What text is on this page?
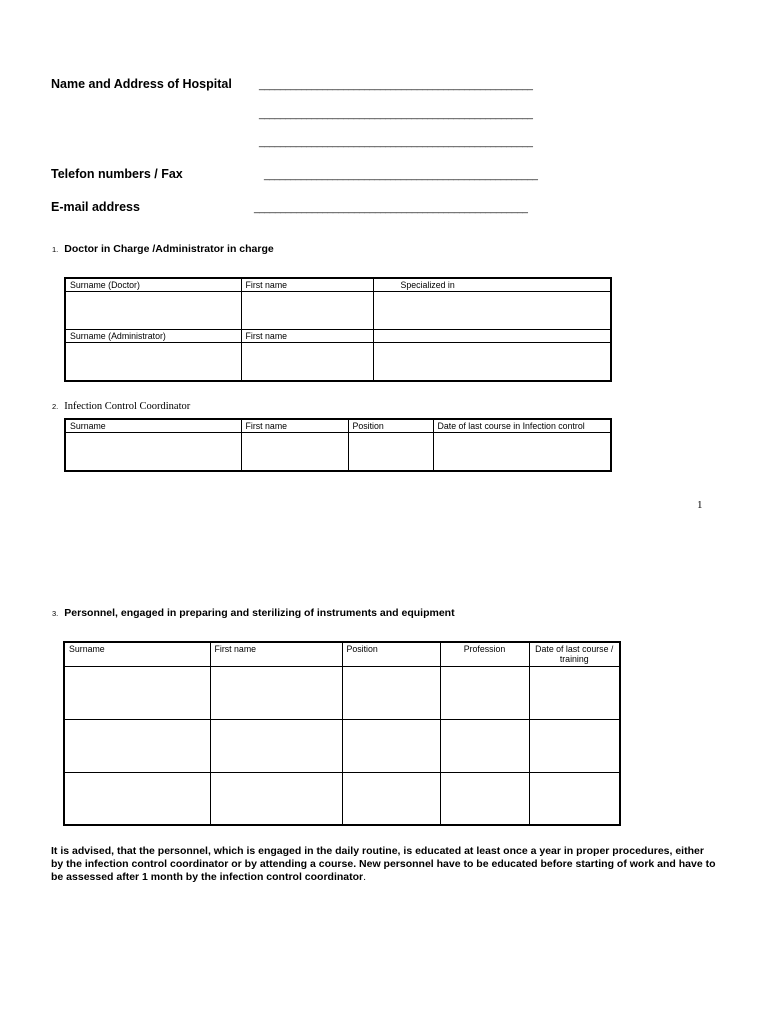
Name and Address of Hospital	____________________________________________________
____________________________________________________
____________________________________________________
Telefon numbers / Fax	____________________________________________________
E-mail address	____________________________________________________
1. Doctor in Charge /Administrator in charge
Surname (Doctor)	First name	Specialized in

Surname (Administrator)	First name	

2. Infection Control Coordinator
Surname	First name	Position	Date of last course in Infection control

1
3. Personnel, engaged in preparing and sterilizing of instruments and equipment
Surname	First name	Position	Profession	Date of last course / training

It is advised, that the personnel, which is engaged in the daily routine, is educated at least once a year in proper procedures, either by the infection control coordinator or by attending a course. New personnel have to be educated before starting of work and have to be assessed after 1 month by the infection control coordinator.
